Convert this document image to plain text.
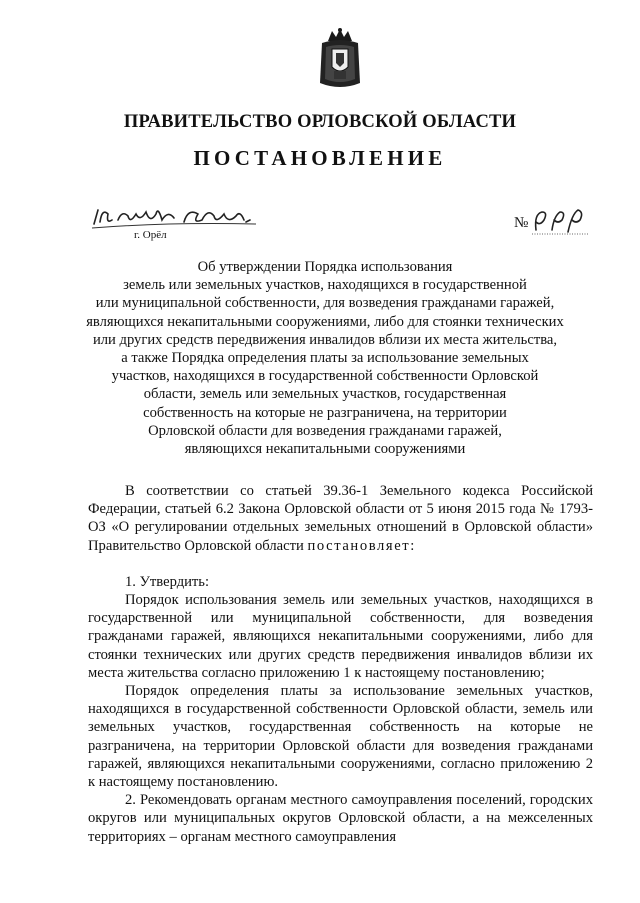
ПРАВИТЕЛЬСТВО ОРЛОВСКОЙ ОБЛАСТИ
ПОСТАНОВЛЕНИЕ
г. Орёл
№
Об утверждении Порядка использования
земель или земельных участков, находящихся в государственной
или муниципальной собственности, для возведения гражданами гаражей,
являющихся некапитальными сооружениями, либо для стоянки технических
или других средств передвижения инвалидов вблизи их места жительства,
а также Порядка определения платы за использование земельных
участков, находящихся в государственной собственности Орловской
области, земель или земельных участков, государственная
собственность на которые не разграничена, на территории
Орловской области для возведения гражданами гаражей,
являющихся некапитальными сооружениями

В соответствии со статьей 39.36-1 Земельного кодекса Российской Федерации, статьей 6.2 Закона Орловской области от 5 июня 2015 года № 1793-ОЗ «О регулировании отдельных земельных отношений в Орловской области» Правительство Орловской области постановляет:

1. Утвердить:

Порядок использования земель или земельных участков, находящихся в государственной или муниципальной собственности, для возведения гражданами гаражей, являющихся некапитальными сооружениями, либо для стоянки технических или других средств передвижения инвалидов вблизи их места жительства согласно приложению 1 к настоящему постановлению;

Порядок определения платы за использование земельных участков, находящихся в государственной собственности Орловской области, земель или земельных участков, государственная собственность на которые не разграничена, на территории Орловской области для возведения гражданами гаражей, являющихся некапитальными сооружениями, согласно приложению 2 к настоящему постановлению.

2. Рекомендовать органам местного самоуправления поселений, городских округов или муниципальных округов Орловской области, а на межселенных территориях – органам местного самоуправления
